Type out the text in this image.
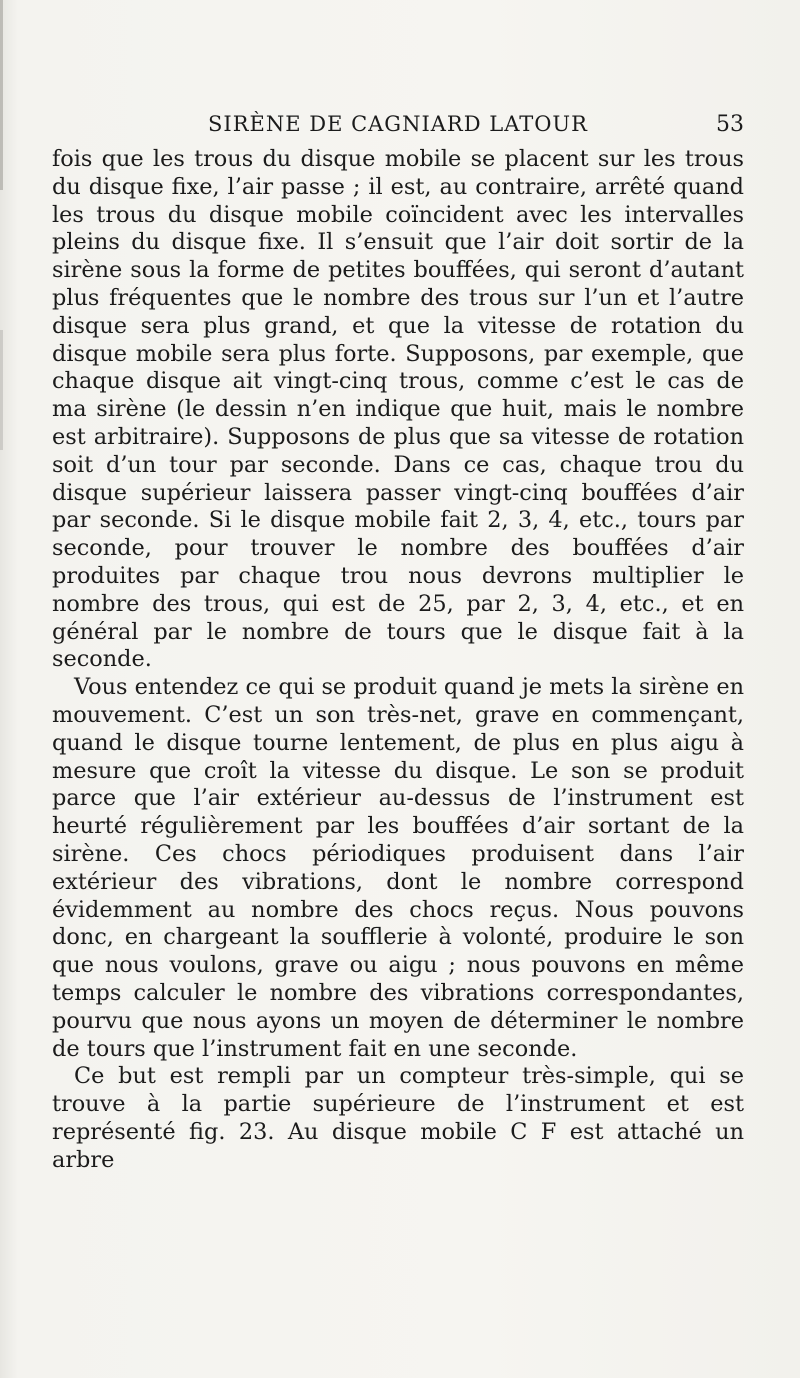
SIRÈNE DE CAGNIARD LATOUR	53

fois que les trous du disque mobile se placent sur les trous du disque fixe, l’air passe ; il est, au contraire, arrêté quand les trous du disque mobile coïncident avec les intervalles pleins du disque fixe. Il s’ensuit que l’air doit sortir de la sirène sous la forme de petites bouffées, qui seront d’autant plus fréquentes que le nombre des trous sur l’un et l’autre disque sera plus grand, et que la vitesse de rotation du disque mobile sera plus forte. Supposons, par exemple, que chaque disque ait vingt-cinq trous, comme c’est le cas de ma sirène (le dessin n’en indique que huit, mais le nombre est arbitraire). Supposons de plus que sa vitesse de rotation soit d’un tour par seconde. Dans ce cas, chaque trou du disque supérieur laissera passer vingt-cinq bouffées d’air par seconde. Si le disque mobile fait 2, 3, 4, etc., tours par seconde, pour trouver le nombre des bouffées d’air produites par chaque trou nous devrons multiplier le nombre des trous, qui est de 25, par 2, 3, 4, etc., et en général par le nombre de tours que le disque fait à la seconde.

Vous entendez ce qui se produit quand je mets la sirène en mouvement. C’est un son très-net, grave en commençant, quand le disque tourne lentement, de plus en plus aigu à mesure que croît la vitesse du disque. Le son se produit parce que l’air extérieur au-dessus de l’instrument est heurté régulièrement par les bouffées d’air sortant de la sirène. Ces chocs périodiques produisent dans l’air extérieur des vibrations, dont le nombre correspond évidemment au nombre des chocs reçus. Nous pouvons donc, en chargeant la soufflerie à volonté, produire le son que nous voulons, grave ou aigu ; nous pouvons en même temps calculer le nombre des vibrations correspondantes, pourvu que nous ayons un moyen de déterminer le nombre de tours que l’instrument fait en une seconde.

Ce but est rempli par un compteur très-simple, qui se trouve à la partie supérieure de l’instrument et est représenté fig. 23. Au disque mobile C F est attaché un arbre
